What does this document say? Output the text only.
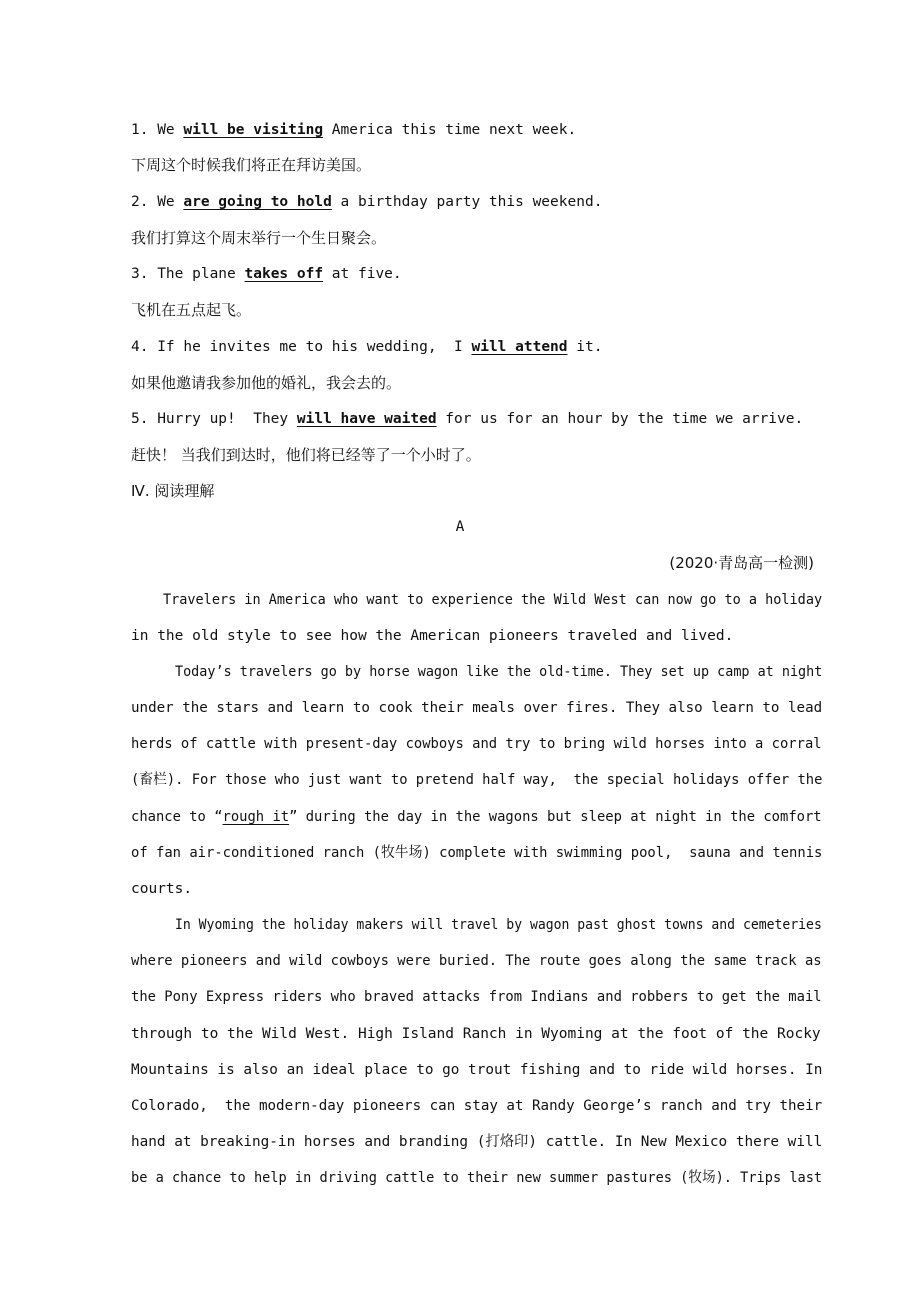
1. We will be visiting America this time next week.
下周这个时候我们将正在拜访美国。
2. We are going to hold a birthday party this weekend.
我们打算这个周末举行一个生日聚会。
3. The plane takes off at five.
飞机在五点起飞。
4. If he invites me to his wedding,  I will attend it.
如果他邀请我参加他的婚礼，我会去的。
5. Hurry up!  They will have waited for us for an hour by the time we arrive.
赶快！ 当我们到达时，他们将已经等了一个小时了。
Ⅳ. 阅读理解
A
(2020·青岛高一检测)
Travelers in America who want to experience the Wild West can now go to a holiday
in the old style to see how the American pioneers traveled and lived.
Today’s travelers go by horse wagon like the old-time. They set up camp at night
under the stars and learn to cook their meals over fires. They also learn to lead
herds of cattle with present-day cowboys and try to bring wild horses into a corral
(畜栏). For those who just want to pretend half way,  the special holidays offer the
chance to “rough it” during the day in the wagons but sleep at night in the comfort
of fan air-conditioned ranch (牧牛场) complete with swimming pool,  sauna and tennis
courts.
In Wyoming the holiday makers will travel by wagon past ghost towns and cemeteries
where pioneers and wild cowboys were buried. The route goes along the same track as
the Pony Express riders who braved attacks from Indians and robbers to get the mail
through to the Wild West. High Island Ranch in Wyoming at the foot of the Rocky
Mountains is also an ideal place to go trout fishing and to ride wild horses. In
Colorado,  the modern-day pioneers can stay at Randy George’s ranch and try their
hand at breaking-in horses and branding (打烙印) cattle. In New Mexico there will
be a chance to help in driving cattle to their new summer pastures (牧场). Trips last
